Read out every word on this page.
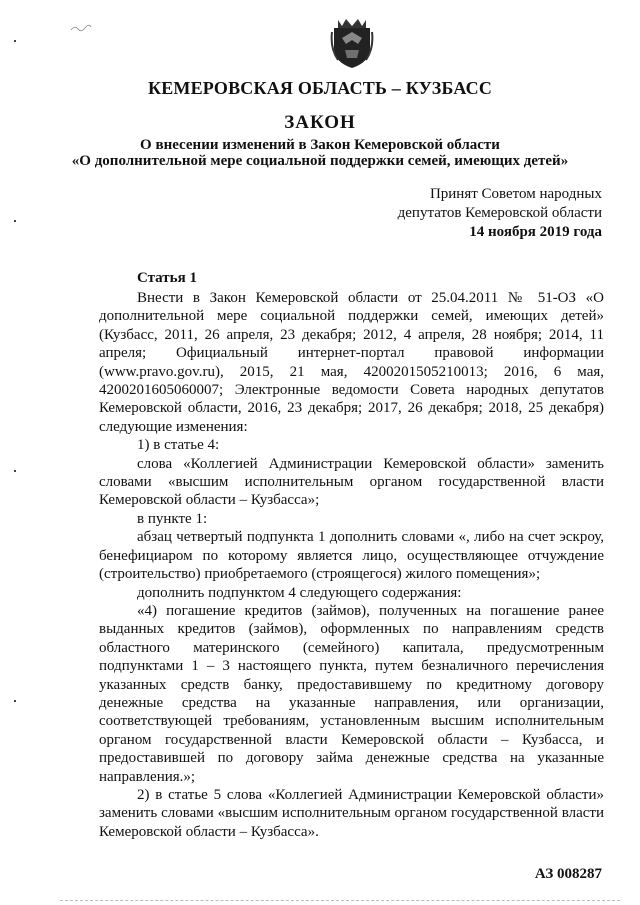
КЕМЕРОВСКАЯ ОБЛАСТЬ – КУЗБАСС
ЗАКОН
О внесении изменений в Закон Кемеровской области
«О дополнительной мере социальной поддержки семей, имеющих детей»
Принят Советом народных
депутатов Кемеровской области
14 ноября 2019 года
Статья 1

Внести в Закон Кемеровской области от 25.04.2011 № 51-ОЗ «О дополнительной мере социальной поддержки семей, имеющих детей» (Кузбасс, 2011, 26 апреля, 23 декабря; 2012, 4 апреля, 28 ноября; 2014, 11 апреля; Официальный интернет-портал правовой информации (www.pravo.gov.ru), 2015, 21 мая, 4200201505210013; 2016, 6 мая, 4200201605060007; Электронные ведомости Совета народных депутатов Кемеровской области, 2016, 23 декабря; 2017, 26 декабря; 2018, 25 декабря) следующие изменения:

1) в статье 4:

слова «Коллегией Администрации Кемеровской области» заменить словами «высшим исполнительным органом государственной власти Кемеровской области – Кузбасса»;

в пункте 1:

абзац четвертый подпункта 1 дополнить словами «, либо на счет эскроу, бенефициаром по которому является лицо, осуществляющее отчуждение (строительство) приобретаемого (строящегося) жилого помещения»;

дополнить подпунктом 4 следующего содержания:

«4) погашение кредитов (займов), полученных на погашение ранее выданных кредитов (займов), оформленных по направлениям средств областного материнского (семейного) капитала, предусмотренным подпунктами 1 – 3 настоящего пункта, путем безналичного перечисления указанных средств банку, предоставившему по кредитному договору денежные средства на указанные направления, или организации, соответствующей требованиям, установленным высшим исполнительным органом государственной власти Кемеровской области – Кузбасса, и предоставившей по договору займа денежные средства на указанные направления.»;

2) в статье 5 слова «Коллегией Администрации Кемеровской области» заменить словами «высшим исполнительным органом государственной власти Кемеровской области – Кузбасса».

АЗ 008287
